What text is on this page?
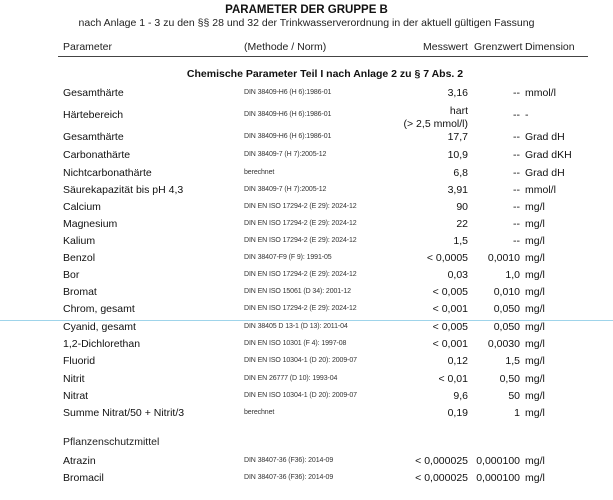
PARAMETER DER GRUPPE B
nach Anlage 1 - 3 zu den §§ 28 und 32 der Trinkwasserverordnung in der aktuell gültigen Fassung
Parameter	(Methode / Norm)	Messwert Grenzwert Dimension
Chemische Parameter Teil I nach Anlage 2 zu § 7 Abs. 2
Gesamthärte	DIN 38409-H6 (H 6):1986-01	3,16	-- mmol/l
Härtebereich	DIN 38409-H6 (H 6):1986-01	hart	-- -
(> 2,5 mmol/l)
Gesamthärte	DIN 38409-H6 (H 6):1986-01	17,7	-- Grad dH
Carbonathärte	DIN 38409-7 (H 7):2005-12	10,9	-- Grad dKH
Nichtcarbonathärte	berechnet	6,8	-- Grad dH
Säurekapazität bis pH 4,3	DIN 38409-7 (H 7):2005-12	3,91	-- mmol/l
Calcium	DIN EN ISO 17294-2 (E 29): 2024-12	90	-- mg/l
Magnesium	DIN EN ISO 17294-2 (E 29): 2024-12	22	-- mg/l
Kalium	DIN EN ISO 17294-2 (E 29): 2024-12	1,5	-- mg/l
Benzol	DIN 38407-F9 (F 9): 1991-05	< 0,0005 0,0010 mg/l
Bor	DIN EN ISO 17294-2 (E 29): 2024-12	0,03	1,0 mg/l
Bromat	DIN EN ISO 15061 (D 34): 2001-12	< 0,005 0,010 mg/l
Chrom, gesamt	DIN EN ISO 17294-2 (E 29): 2024-12	< 0,001 0,050 mg/l
Cyanid, gesamt	DIN 38405 D 13-1 (D 13): 2011-04	< 0,005 0,050 mg/l
1,2-Dichlorethan	DIN EN ISO 10301 (F 4): 1997-08	< 0,001 0,0030 mg/l
Fluorid	DIN EN ISO 10304-1 (D 20): 2009-07	0,12	1,5 mg/l
Nitrit	DIN EN 26777 (D 10): 1993-04	< 0,01	0,50 mg/l
Nitrat	DIN EN ISO 10304-1 (D 20): 2009-07	9,6	50 mg/l
Summe Nitrat/50 + Nitrit/3	berechnet	0,19	1 mg/l
Pflanzenschutzmittel
Atrazin	DIN 38407-36 (F36): 2014-09	< 0,000025 0,000100 mg/l
Bromacil	DIN 38407-36 (F36): 2014-09	< 0,000025 0,000100 mg/l
